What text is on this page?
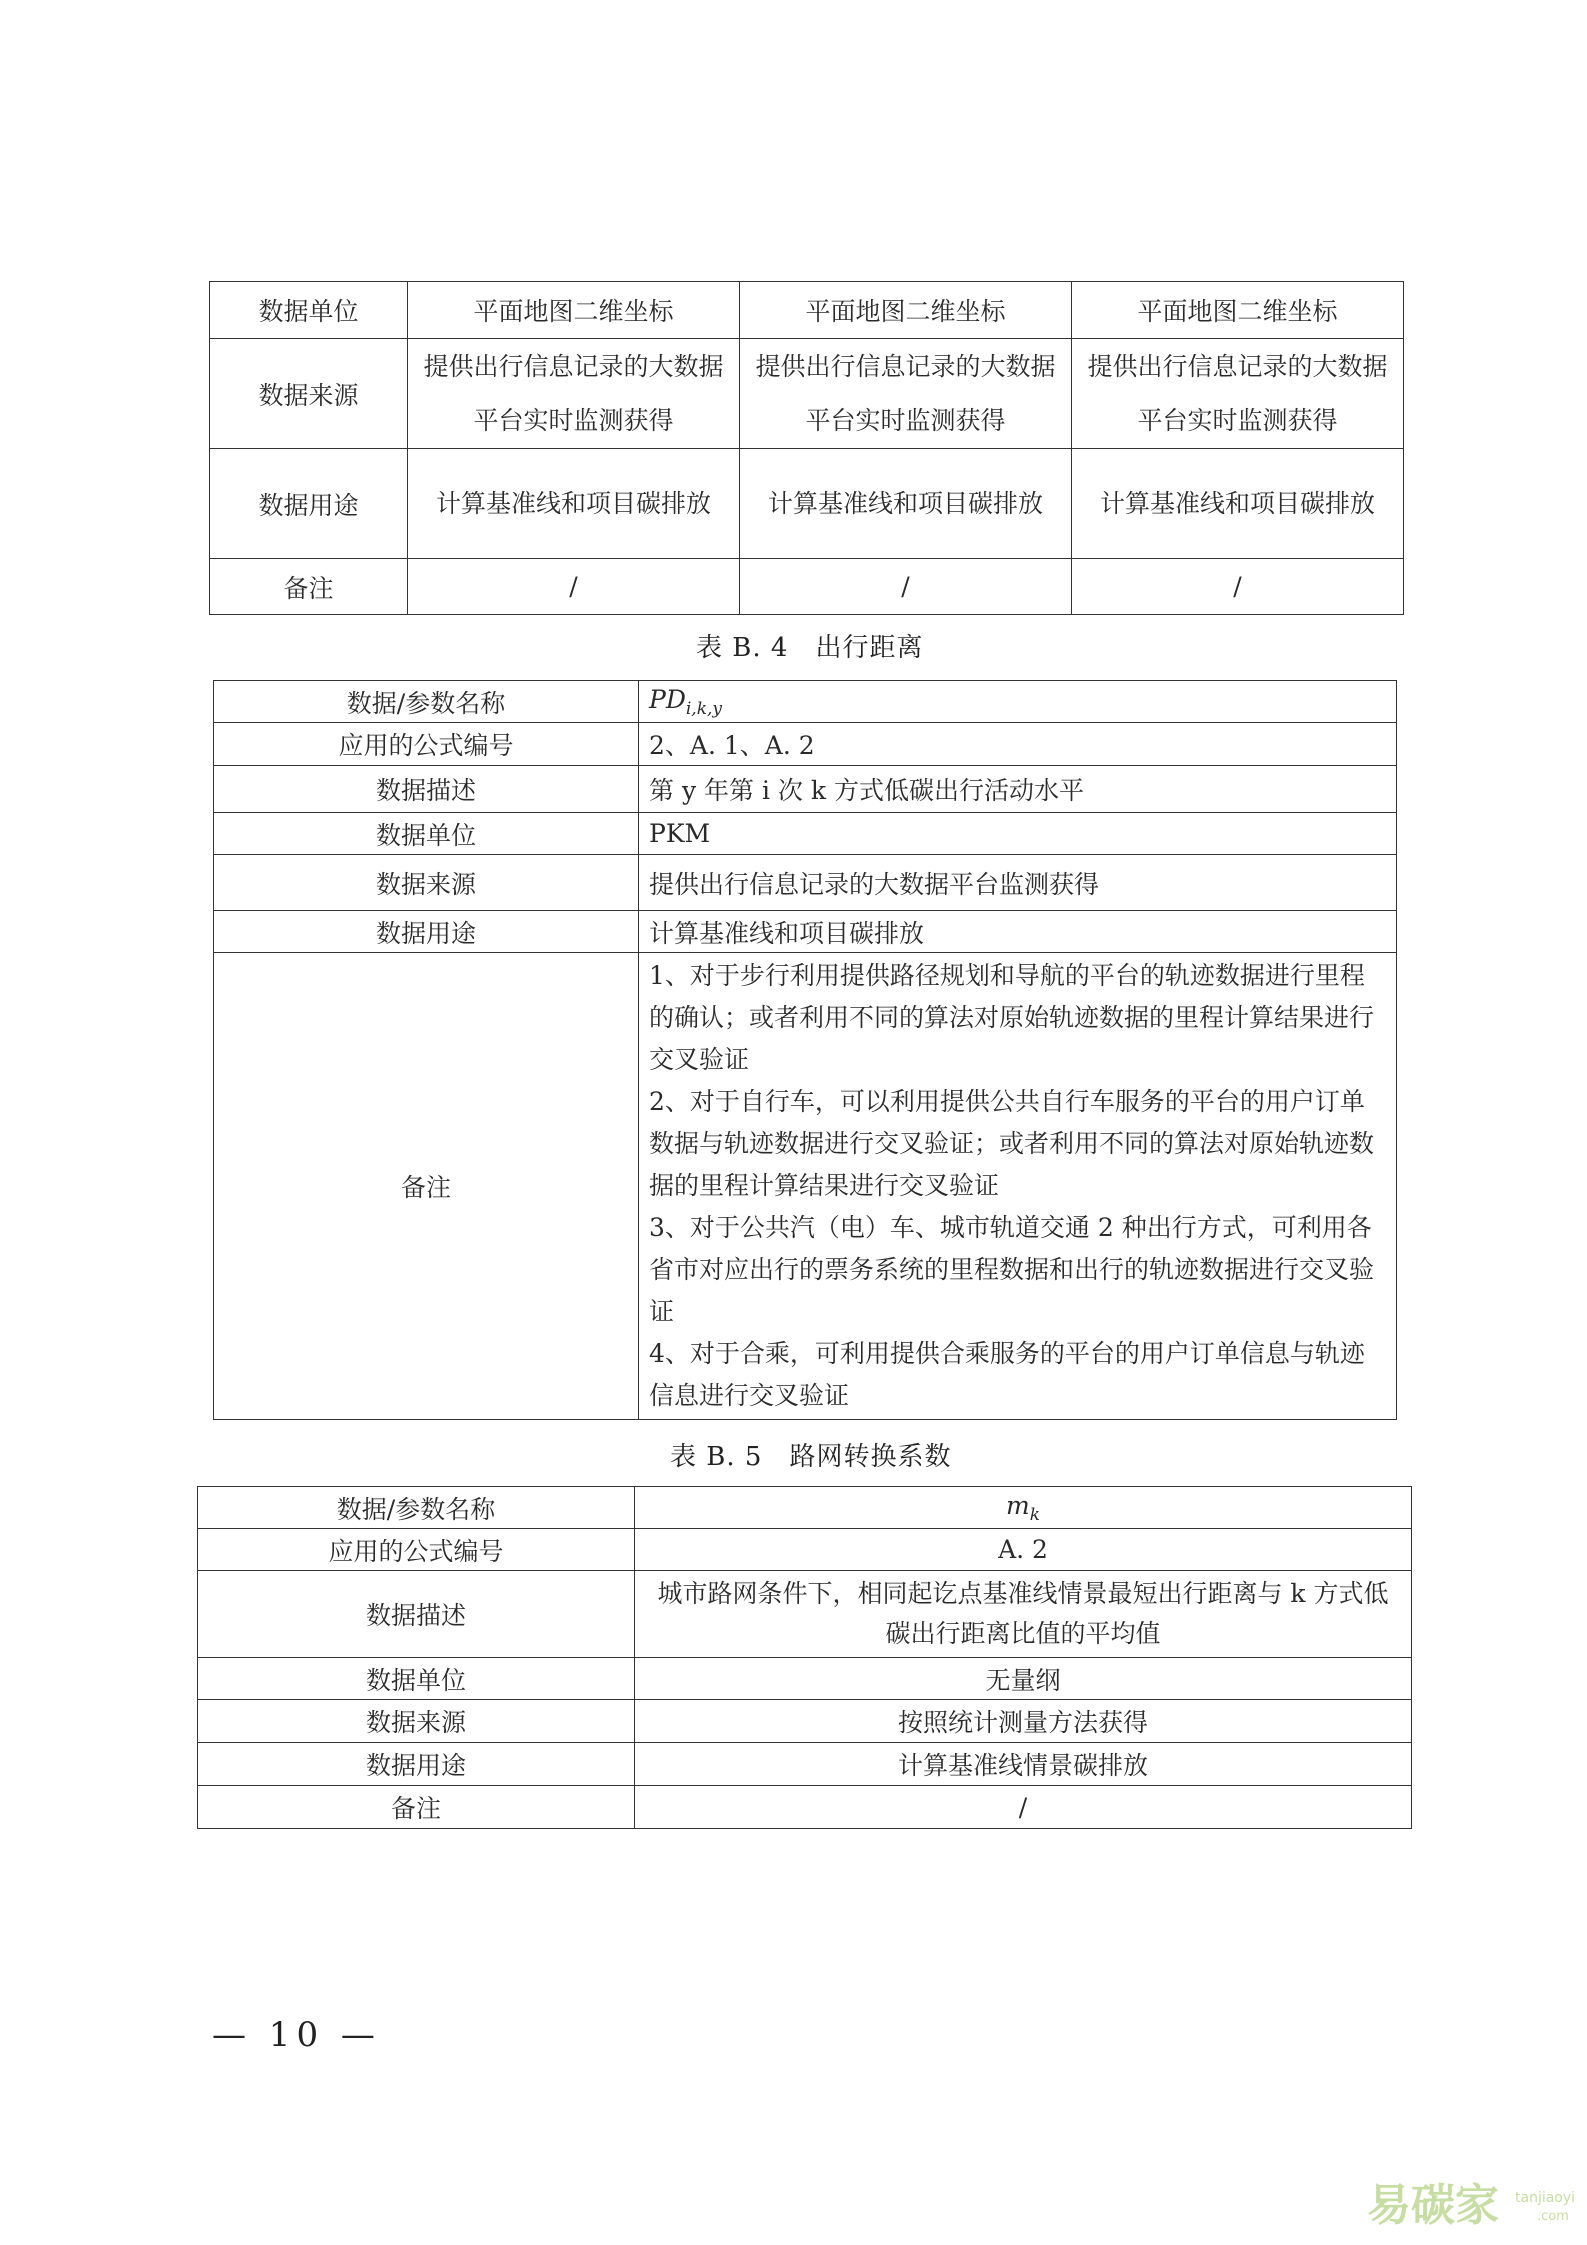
数据单位	平面地图二维坐标	平面地图二维坐标	平面地图二维坐标
数据来源	提供出行信息记录的大数据平台实时监测获得	提供出行信息记录的大数据平台实时监测获得	提供出行信息记录的大数据平台实时监测获得
数据用途	计算基准线和项目碳排放	计算基准线和项目碳排放	计算基准线和项目碳排放
备注	/	/	/
表 B. 4　出行距离
数据/参数名称	$PD_{i,k,y}$
应用的公式编号	2、A. 1、A. 2
数据描述	第 y 年第 i 次 k 方式低碳出行活动水平
数据单位	PKM
数据来源	提供出行信息记录的大数据平台监测获得
数据用途	计算基准线和项目碳排放
备注	1、对于步行利用提供路径规划和导航的平台的轨迹数据进行里程的确认；或者利用不同的算法对原始轨迹数据的里程计算结果进行交叉验证
2、对于自行车，可以利用提供公共自行车服务的平台的用户订单数据与轨迹数据进行交叉验证；或者利用不同的算法对原始轨迹数据的里程计算结果进行交叉验证
3、对于公共汽（电）车、城市轨道交通 2 种出行方式，可利用各省市对应出行的票务系统的里程数据和出行的轨迹数据进行交叉验证
4、对于合乘，可利用提供合乘服务的平台的用户订单信息与轨迹信息进行交叉验证
表 B. 5　路网转换系数
数据/参数名称	$m_k$
应用的公式编号	A. 2
数据描述	城市路网条件下，相同起讫点基准线情景最短出行距离与 k 方式低碳出行距离比值的平均值
数据单位	无量纲
数据来源	按照统计测量方法获得
数据用途	计算基准线情景碳排放
备注	/
— 10 —
易碳家 tanjiaoyi
.com
